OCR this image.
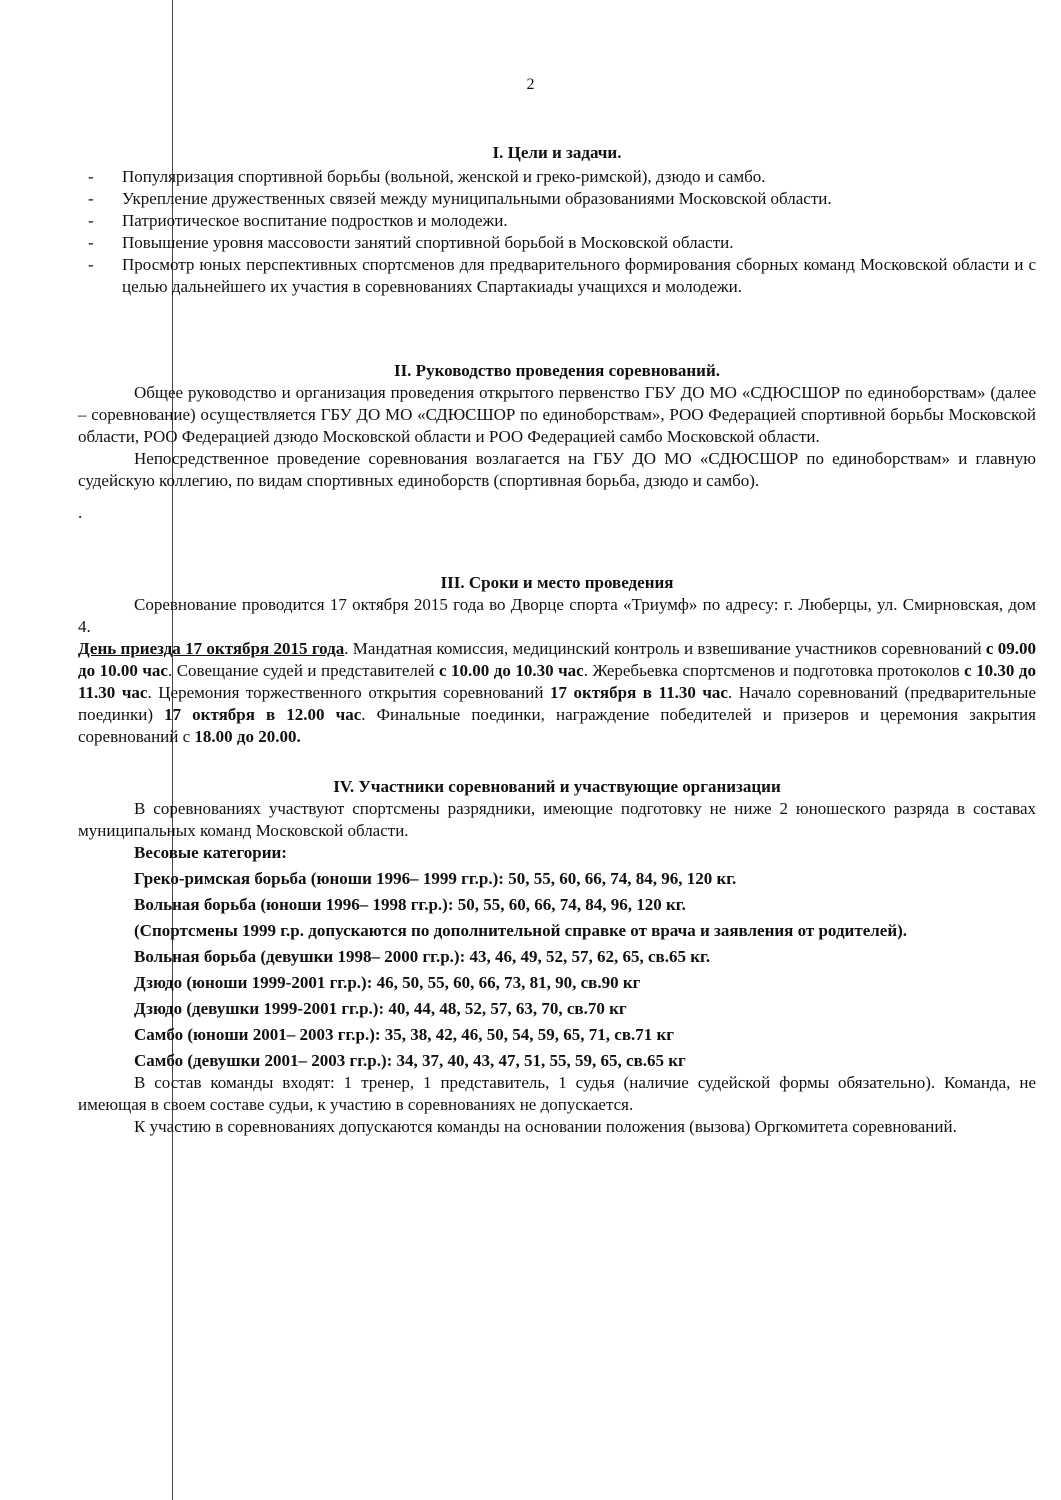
2
I. Цели и задачи.
- Популяризация спортивной борьбы (вольной, женской и греко-римской), дзюдо и самбо.
- Укрепление дружественных связей между муниципальными образованиями Московской области.
- Патриотическое воспитание подростков и молодежи.
- Повышение уровня массовости занятий спортивной борьбой в Московской области.
- Просмотр юных перспективных спортсменов для предварительного формирования сборных команд Московской области и с целью дальнейшего их участия в соревнованиях Спартакиады учащихся и молодежи.
II. Руководство проведения соревнований.

Общее руководство и организация проведения открытого первенство ГБУ ДО МО «СДЮСШОР по единоборствам» (далее – соревнование) осуществляется ГБУ ДО МО «СДЮСШОР по единоборствам», РОО Федерацией спортивной борьбы Московской области, РОО Федерацией дзюдо Московской области и РОО Федерацией самбо Московской области.

Непосредственное проведение соревнования возлагается на ГБУ ДО МО «СДЮСШОР по единоборствам» и главную судейскую коллегию, по видам спортивных единоборств (спортивная борьба, дзюдо и самбо).

.
III. Сроки и место проведения

Соревнование проводится 17 октября 2015 года во Дворце спорта «Триумф» по адресу: г. Люберцы, ул. Смирновская, дом 4.

День приезда 17 октября 2015 года. Мандатная комиссия, медицинский контроль и взвешивание участников соревнований с 09.00 до 10.00 час. Совещание судей и представителей с 10.00 до 10.30 час. Жеребьевка спортсменов и подготовка протоколов с 10.30 до 11.30 час. Церемония торжественного открытия соревнований 17 октября в 11.30 час. Начало соревнований (предварительные поединки) 17 октября в 12.00 час. Финальные поединки, награждение победителей и призеров и церемония закрытия соревнований с 18.00 до 20.00.

IV. Участники соревнований и участвующие организации

В соревнованиях участвуют спортсмены разрядники, имеющие подготовку не ниже 2 юношеского разряда в составах муниципальных команд Московской области.

Весовые категории:
Греко-римская борьба (юноши 1996– 1999 гг.р.): 50, 55, 60, 66, 74, 84, 96, 120 кг.
Вольная борьба (юноши 1996– 1998 гг.р.): 50, 55, 60, 66, 74, 84, 96, 120 кг.
(Спортсмены 1999 г.р. допускаются по дополнительной справке от врача и заявления от родителей).
Вольная борьба (девушки 1998– 2000 гг.р.): 43, 46, 49, 52, 57, 62, 65, св.65 кг.
Дзюдо (юноши 1999-2001 гг.р.): 46, 50, 55, 60, 66, 73, 81, 90, св.90 кг
Дзюдо (девушки 1999-2001 гг.р.): 40, 44, 48, 52, 57, 63, 70, св.70 кг
Самбо (юноши 2001– 2003 гг.р.): 35, 38, 42, 46, 50, 54, 59, 65, 71, св.71 кг
Самбо (девушки 2001– 2003 гг.р.): 34, 37, 40, 43, 47, 51, 55, 59, 65, св.65 кг

В состав команды входят: 1 тренер, 1 представитель, 1 судья (наличие судейской формы обязательно). Команда, не имеющая в своем составе судьи, к участию в соревнованиях не допускается.

К участию в соревнованиях допускаются команды на основании положения (вызова) Оргкомитета соревнований.
